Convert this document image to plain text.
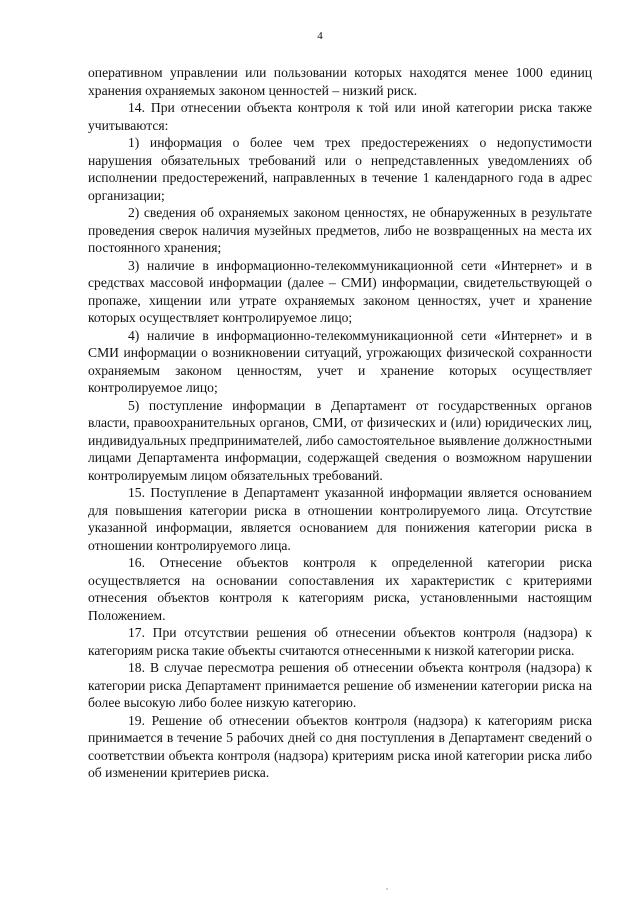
4

оперативном управлении или пользовании которых находятся менее 1000 единиц хранения охраняемых законом ценностей – низкий риск.

14. При отнесении объекта контроля к той или иной категории риска также учитываются:

1) информация о более чем трех предостережениях о недопустимости нарушения обязательных требований или о непредставленных уведомлениях об исполнении предостережений, направленных в течение 1 календарного года в адрес организации;

2) сведения об охраняемых законом ценностях, не обнаруженных в результате проведения сверок наличия музейных предметов, либо не возвращенных на места их постоянного хранения;

3) наличие в информационно-телекоммуникационной сети «Интернет» и в средствах массовой информации (далее – СМИ) информации, свидетельствующей о пропаже, хищении или утрате охраняемых законом ценностях, учет и хранение которых осуществляет контролируемое лицо;

4) наличие в информационно-телекоммуникационной сети «Интернет» и в СМИ информации о возникновении ситуаций, угрожающих физической сохранности охраняемым законом ценностям, учет и хранение которых осуществляет контролируемое лицо;

5) поступление информации в Департамент от государственных органов власти, правоохранительных органов, СМИ, от физических и (или) юридических лиц, индивидуальных предпринимателей, либо самостоятельное выявление должностными лицами Департамента информации, содержащей сведения о возможном нарушении контролируемым лицом обязательных требований.

15. Поступление в Департамент указанной информации является основанием для повышения категории риска в отношении контролируемого лица. Отсутствие указанной информации, является основанием для понижения категории риска в отношении контролируемого лица.

16. Отнесение объектов контроля к определенной категории риска осуществляется на основании сопоставления их характеристик с критериями отнесения объектов контроля к категориям риска, установленными настоящим Положением.

17. При отсутствии решения об отнесении объектов контроля (надзора) к категориям риска такие объекты считаются отнесенными к низкой категории риска.

18. В случае пересмотра решения об отнесении объекта контроля (надзора) к категории риска Департамент принимается решение об изменении категории риска на более высокую либо более низкую категорию.

19. Решение об отнесении объектов контроля (надзора) к категориям риска принимается в течение 5 рабочих дней со дня поступления в Департамент сведений о соответствии объекта контроля (надзора) критериям риска иной категории риска либо об изменении критериев риска.
